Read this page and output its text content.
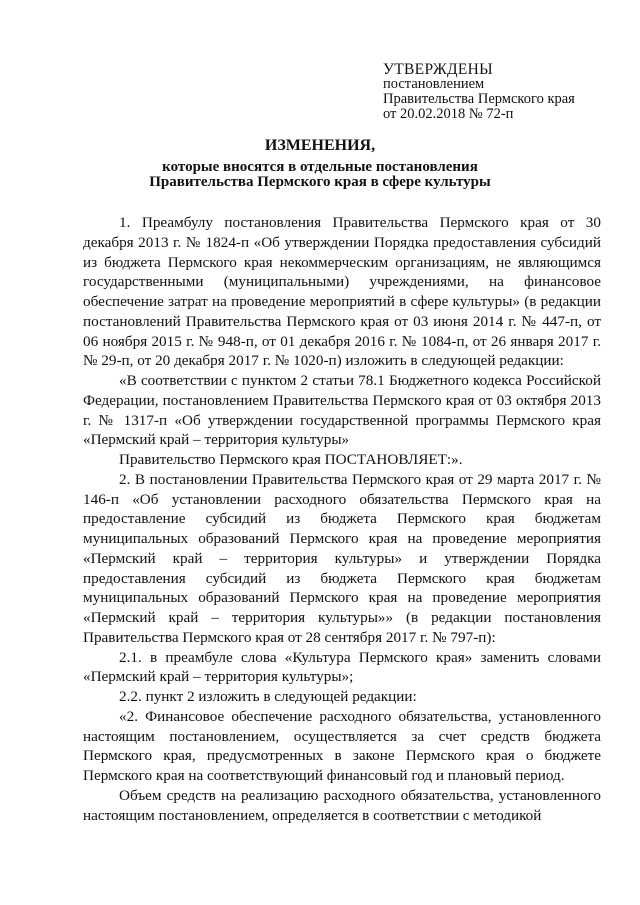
УТВЕРЖДЕНЫ
постановлением
Правительства Пермского края
от 20.02.2018 № 72-п
ИЗМЕНЕНИЯ,
которые вносятся в отдельные постановления
Правительства Пермского края в сфере культуры

1. Преамбулу постановления Правительства Пермского края от 30 декабря 2013 г. № 1824-п «Об утверждении Порядка предоставления субсидий из бюджета Пермского края некоммерческим организациям, не являющимся государственными (муниципальными) учреждениями, на финансовое обеспечение затрат на проведение мероприятий в сфере культуры» (в редакции постановлений Правительства Пермского края от 03 июня 2014 г. № 447-п, от 06 ноября 2015 г. № 948-п, от 01 декабря 2016 г. № 1084-п, от 26 января 2017 г. № 29-п, от 20 декабря 2017 г. № 1020-п) изложить в следующей редакции:

«В соответствии с пунктом 2 статьи 78.1 Бюджетного кодекса Российской Федерации, постановлением Правительства Пермского края от 03 октября 2013 г. № 1317-п «Об утверждении государственной программы Пермского края «Пермский край – территория культуры»

Правительство Пермского края ПОСТАНОВЛЯЕТ:».

2. В постановлении Правительства Пермского края от 29 марта 2017 г. № 146-п «Об установлении расходного обязательства Пермского края на предоставление субсидий из бюджета Пермского края бюджетам муниципальных образований Пермского края на проведение мероприятия «Пермский край – территория культуры» и утверждении Порядка предоставления субсидий из бюджета Пермского края бюджетам муниципальных образований Пермского края на проведение мероприятия «Пермский край – территория культуры»» (в редакции постановления Правительства Пермского края от 28 сентября 2017 г. № 797-п):

2.1. в преамбуле слова «Культура Пермского края» заменить словами «Пермский край – территория культуры»;

2.2. пункт 2 изложить в следующей редакции:

«2. Финансовое обеспечение расходного обязательства, установленного настоящим постановлением, осуществляется за счет средств бюджета Пермского края, предусмотренных в законе Пермского края о бюджете Пермского края на соответствующий финансовый год и плановый период.

Объем средств на реализацию расходного обязательства, установленного настоящим постановлением, определяется в соответствии с методикой
